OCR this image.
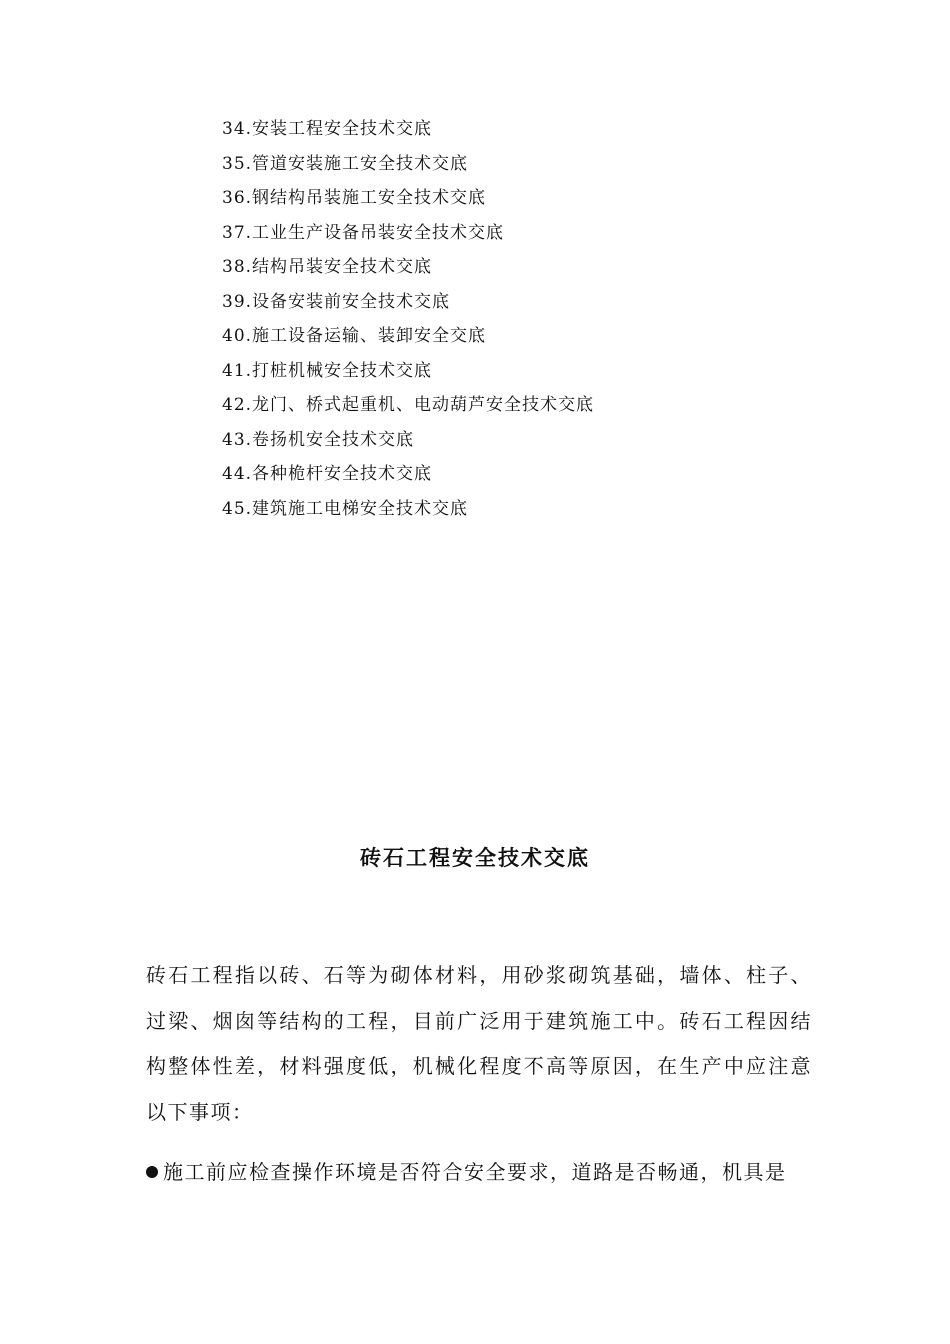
34.安装工程安全技术交底
35.管道安装施工安全技术交底
36.钢结构吊装施工安全技术交底
37.工业生产设备吊装安全技术交底
38.结构吊装安全技术交底
39.设备安装前安全技术交底
40.施工设备运输、装卸安全交底
41.打桩机械安全技术交底
42.龙门、桥式起重机、电动葫芦安全技术交底
43.卷扬机安全技术交底
44.各种桅杆安全技术交底
45.建筑施工电梯安全技术交底
砖石工程安全技术交底

砖石工程指以砖、石等为砌体材料，用砂浆砌筑基础，墙体、柱子、过梁、烟囱等结构的工程，目前广泛用于建筑施工中。砖石工程因结构整体性差，材料强度低，机械化程度不高等原因，在生产中应注意以下事项：

施工前应检查操作环境是否符合安全要求，道路是否畅通，机具是
